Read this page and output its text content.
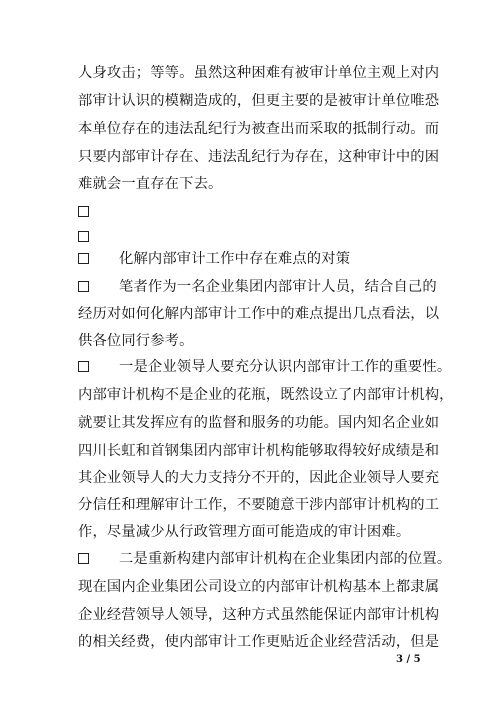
人身攻击；等等。虽然这种困难有被审计单位主观上对内
部审计认识的模糊造成的，但更主要的是被审计单位唯恐
本单位存在的违法乱纪行为被查出而采取的抵制行动。而
只要内部审计存在、违法乱纪行为存在，这种审计中的困
难就会一直存在下去。
化解内部审计工作中存在难点的对策
笔者作为一名企业集团内部审计人员，结合自己的
经历对如何化解内部审计工作中的难点提出几点看法，以
供各位同行参考。
一是企业领导人要充分认识内部审计工作的重要性。
内部审计机构不是企业的花瓶，既然设立了内部审计机构，
就要让其发挥应有的监督和服务的功能。国内知名企业如
四川长虹和首钢集团内部审计机构能够取得较好成绩是和
其企业领导人的大力支持分不开的，因此企业领导人要充
分信任和理解审计工作，不要随意干涉内部审计机构的工
作，尽量减少从行政管理方面可能造成的审计困难。
二是重新构建内部审计机构在企业集团内部的位置。
现在国内企业集团公司设立的内部审计机构基本上都隶属
企业经营领导人领导，这种方式虽然能保证内部审计机构
的相关经费，使内部审计工作更贴近企业经营活动，但是
3 / 5
